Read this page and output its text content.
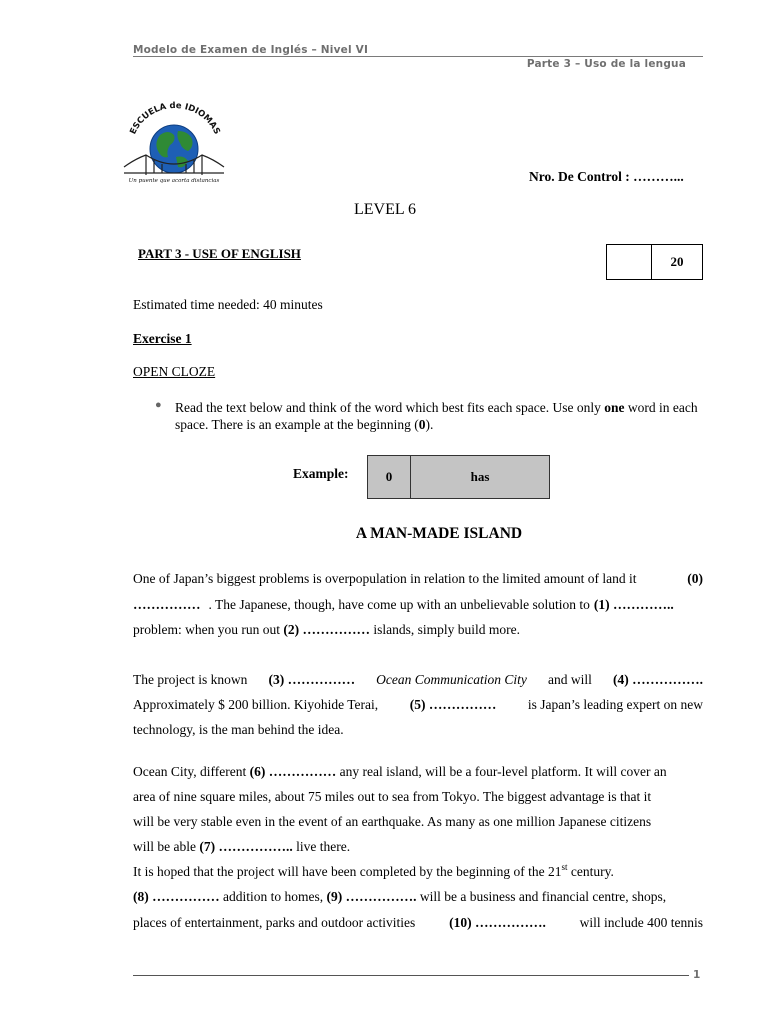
Modelo de Examen de Inglés – Nivel VI
Parte 3 – Uso de la lengua
ESCUELA de IDIOMAS
Un puente que acorta distancias	Nro. De Control : ………...
LEVEL 6
PART 3 - USE OF ENGLISH
20
Estimated time needed: 40 minutes
Exercise 1
OPEN CLOZE
● Read the text below and think of the word which best fits each space. Use only one word in each space. There is an example at the beginning (0).
Example:	0	has
A MAN-MADE ISLAND
One of Japan’s biggest problems is overpopulation in relation to the limited amount of land it	(0)
…………… . The Japanese, though, have come up with an unbelievable solution to (1) …………..
problem: when you run out (2) …………… islands, simply build more.
The project is known (3) …………… Ocean Communication City and will (4) …………….
Approximately $ 200 billion. Kiyohide Terai, (5) …………… is Japan’s leading expert on new
technology, is the man behind the idea.
Ocean City, different (6) …………… any real island, will be a four-level platform. It will cover an
area of nine square miles, about 75 miles out to sea from Tokyo. The biggest advantage is that it
will be very stable even in the event of an earthquake. As many as one million Japanese citizens
will be able (7) …………….. live there.
It is hoped that the project will have been completed by the beginning of the 21st century.
(8) …………… addition to homes, (9) ……………. will be a business and financial centre, shops,
places of entertainment, parks and outdoor activities	(10) …………….	will include 400 tennis
1
